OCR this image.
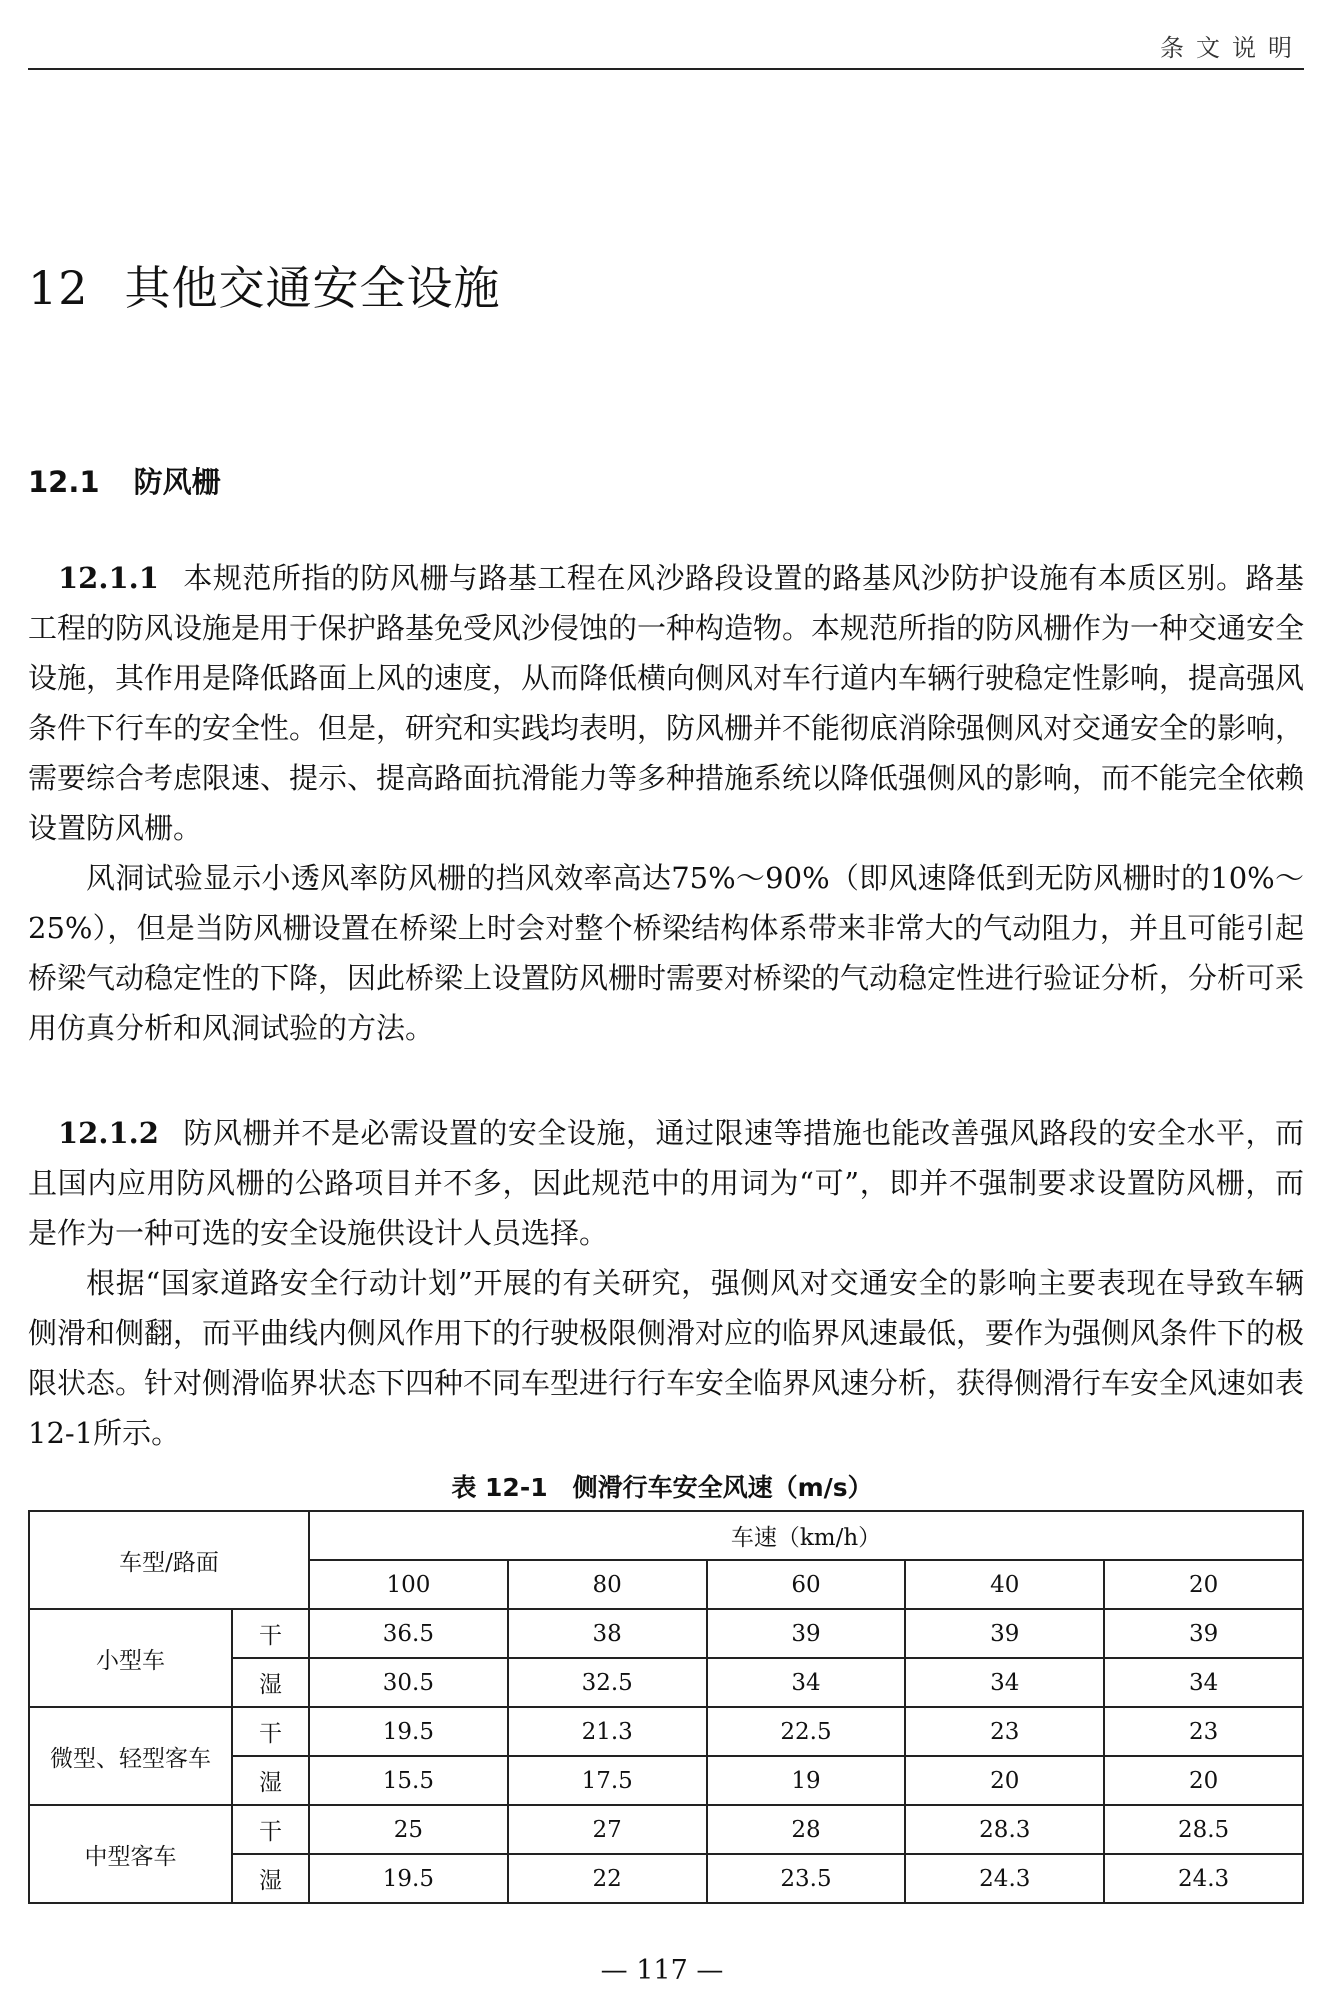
条文说明
12 其他交通安全设施
12.1 防风栅

12.1.1 本规范所指的防风栅与路基工程在风沙路段设置的路基风沙防护设施有本质区别。路基工程的防风设施是用于保护路基免受风沙侵蚀的一种构造物。本规范所指的防风栅作为一种交通安全设施，其作用是降低路面上风的速度，从而降低横向侧风对车行道内车辆行驶稳定性影响，提高强风条件下行车的安全性。但是，研究和实践均表明，防风栅并不能彻底消除强侧风对交通安全的影响，需要综合考虑限速、提示、提高路面抗滑能力等多种措施系统以降低强侧风的影响，而不能完全依赖设置防风栅。

风洞试验显示小透风率防风栅的挡风效率高达75%～90%（即风速降低到无防风栅时的10%～25%），但是当防风栅设置在桥梁上时会对整个桥梁结构体系带来非常大的气动阻力，并且可能引起桥梁气动稳定性的下降，因此桥梁上设置防风栅时需要对桥梁的气动稳定性进行验证分析，分析可采用仿真分析和风洞试验的方法。

12.1.2 防风栅并不是必需设置的安全设施，通过限速等措施也能改善强风路段的安全水平，而且国内应用防风栅的公路项目并不多，因此规范中的用词为“可”，即并不强制要求设置防风栅，而是作为一种可选的安全设施供设计人员选择。

根据“国家道路安全行动计划”开展的有关研究，强侧风对交通安全的影响主要表现在导致车辆侧滑和侧翻，而平曲线内侧风作用下的行驶极限侧滑对应的临界风速最低，要作为强侧风条件下的极限状态。针对侧滑临界状态下四种不同车型进行行车安全临界风速分析，获得侧滑行车安全风速如表12-1所示。

表 12-1　侧滑行车安全风速（m/s）
车型/路面		车速（km/h）				
		100	80	60	40	20
小型车	干	36.5	38	39	39	39
	湿	30.5	32.5	34	34	34
微型、轻型客车	干	19.5	21.3	22.5	23	23
	湿	15.5	17.5	19	20	20
中型客车	干	25	27	28	28.3	28.5
	湿	19.5	22	23.5	24.3	24.3
— 117 —
